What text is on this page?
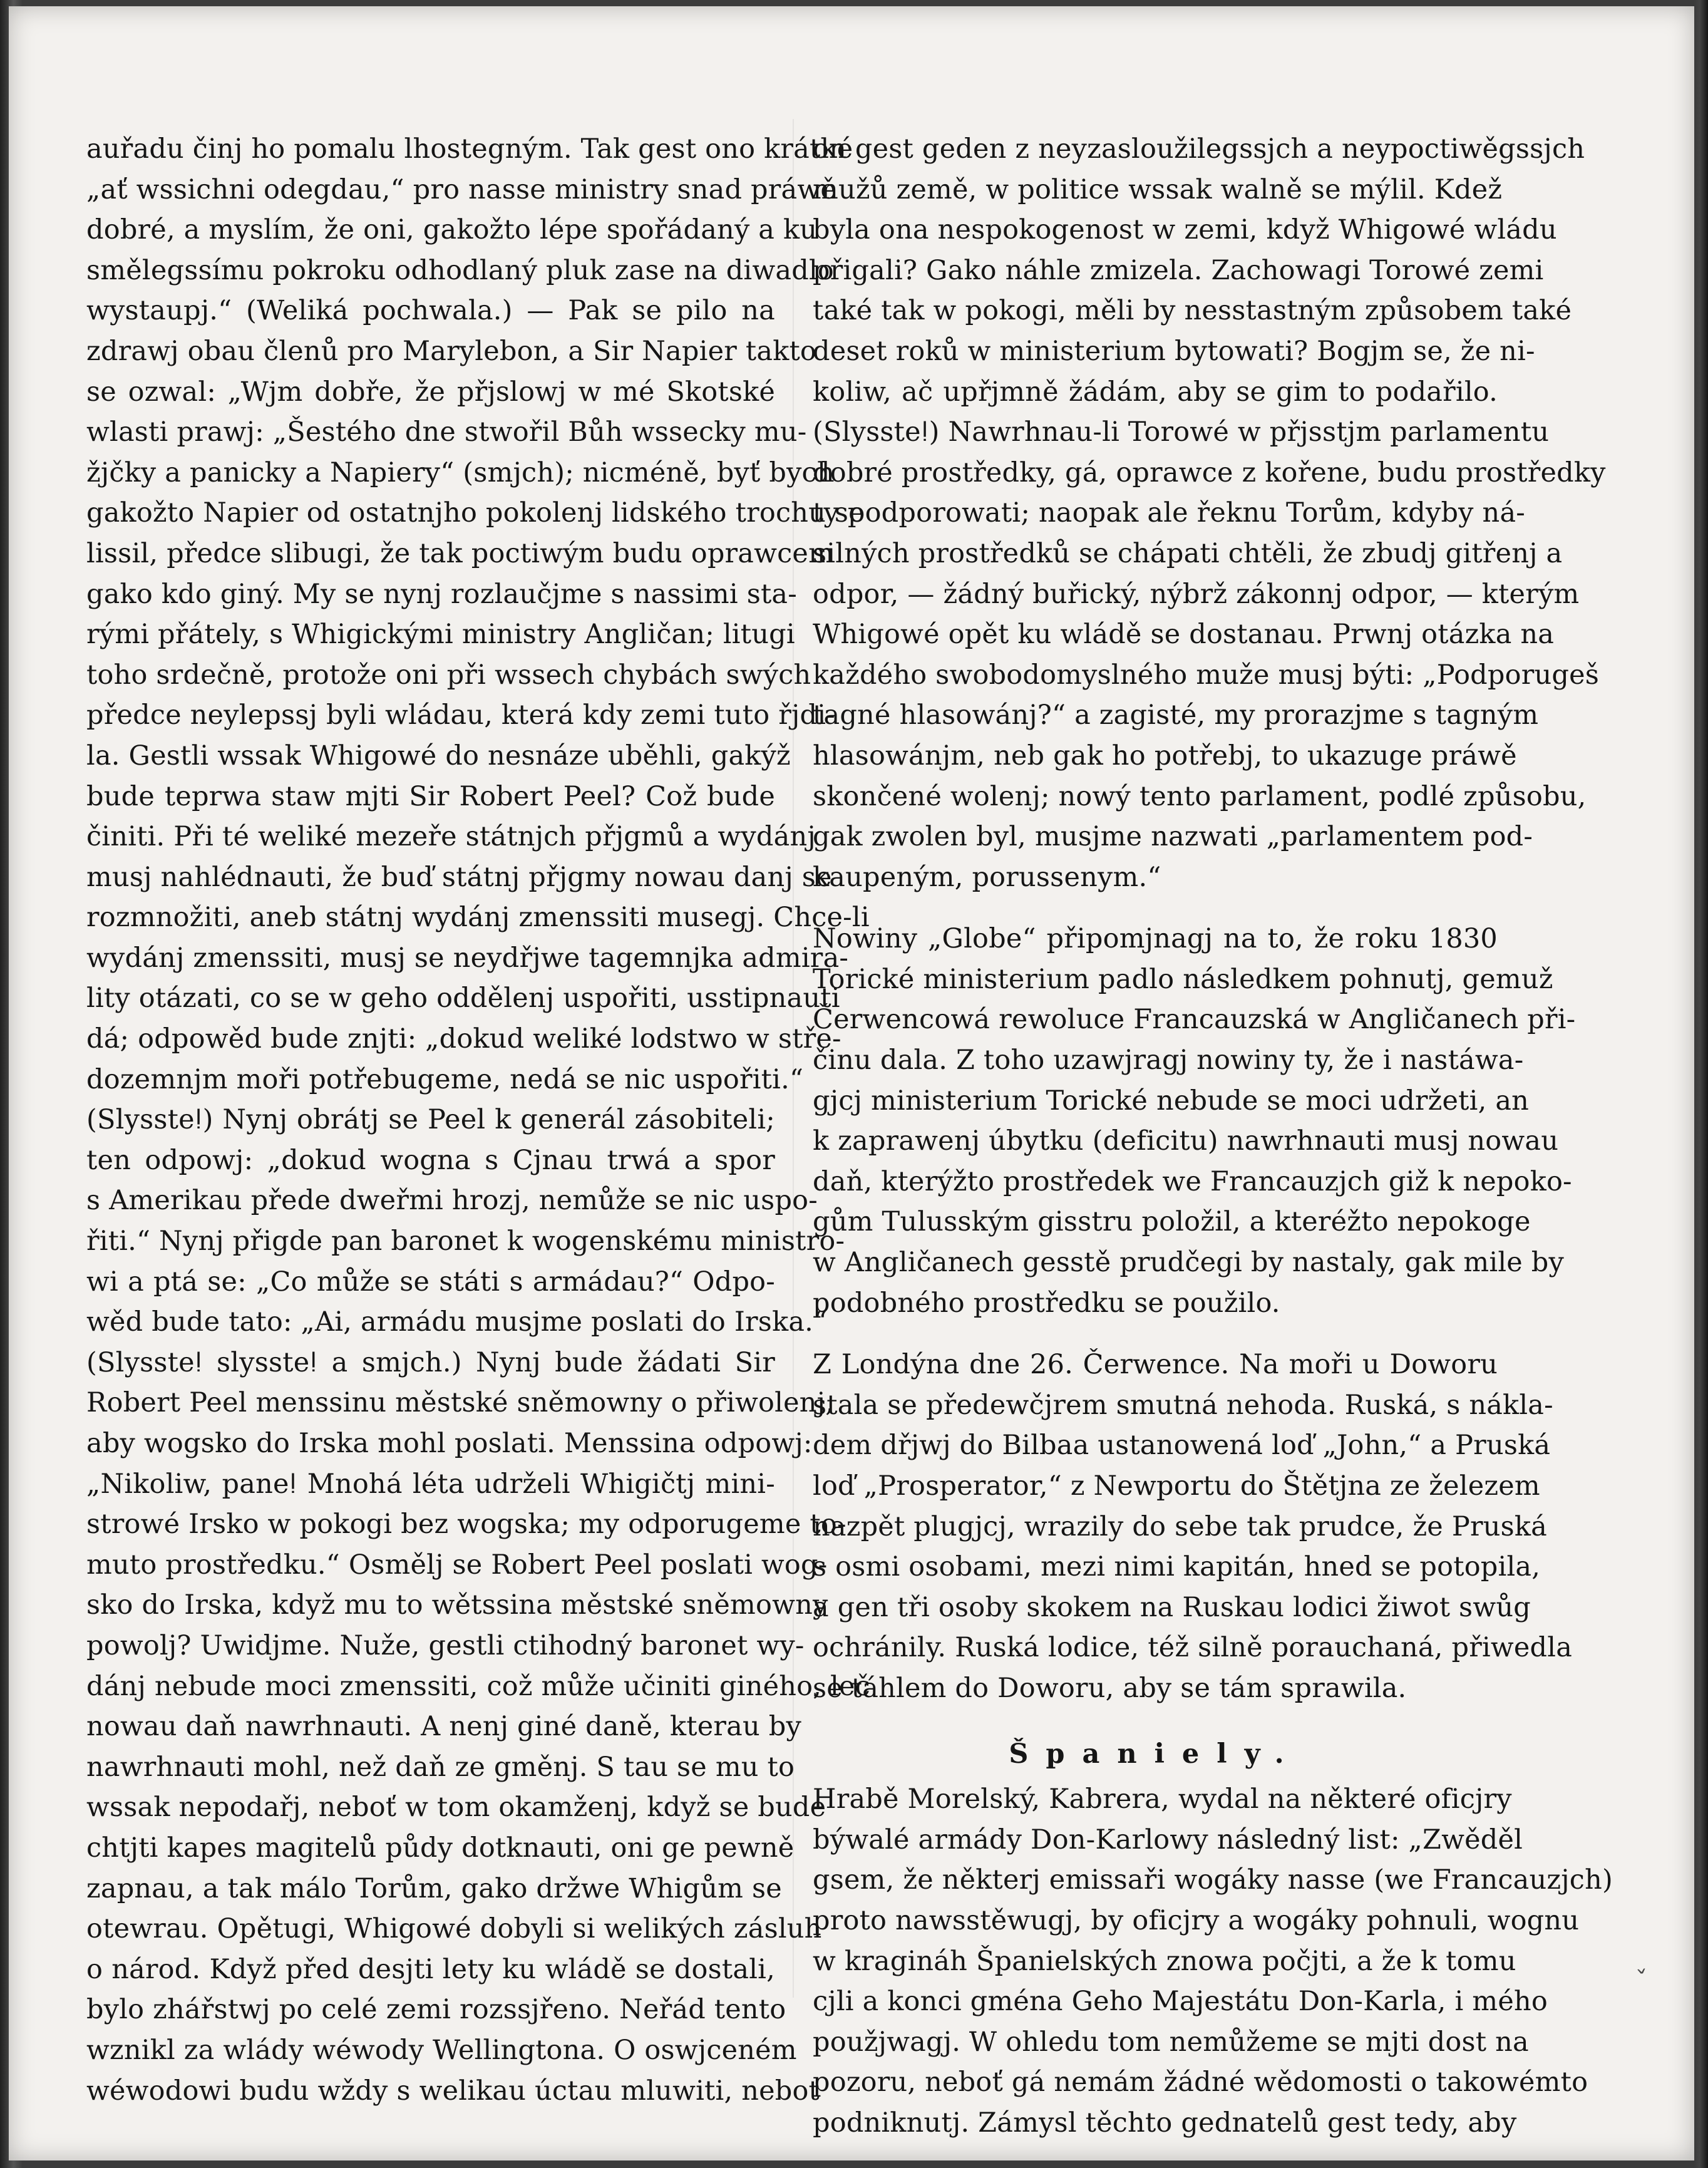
auřadu činj ho pomalu lhostegným. Tak gest ono krátké
„ať wssichni odegdau,“ pro nasse ministry snad práwě
dobré, a myslím, že oni, gakožto lépe spořádaný a ku
smělegssímu pokroku odhodlaný pluk zase na diwadlo
wystaupj.“ (Weliká pochwala.) — Pak se pilo na
zdrawj obau členů pro Marylebon, a Sir Napier takto
se ozwal: „Wjm dobře, že přjslowj w mé Skotské
wlasti prawj: „Šestého dne stwořil Bůh wssecky mu-
žjčky a panicky a Napiery“ (smjch); nicméně, byť bych
gakožto Napier od ostatnjho pokolenj lidského trochu se
lissil, předce slibugi, že tak poctiwým budu oprawcem
gako kdo giný. My se nynj rozlaučjme s nassimi sta-
rými přátely, s Whigickými ministry Angličan; litugi
toho srdečně, protože oni při wssech chybách swých
předce neylepssj byli wládau, která kdy zemi tuto řjdi-
la. Gestli wssak Whigowé do nesnáze uběhli, gakýž
bude teprwa staw mjti Sir Robert Peel? Což bude
činiti. Při té weliké mezeře státnjch přjgmů a wydánj
musj nahlédnauti, že buď státnj přjgmy nowau danj se
rozmnožiti, aneb státnj wydánj zmenssiti musegj. Chce-li
wydánj zmenssiti, musj se neydřjwe tagemnjka admira-
lity otázati, co se w geho oddělenj uspořiti, usstipnauti
dá; odpowěd bude znjti: „dokud weliké lodstwo w stře-
dozemnjm moři potřebugeme, nedá se nic uspořiti.“
(Slyssteǃ) Nynj obrátj se Peel k generál zásobiteli;
ten odpowj: „dokud wogna s Cjnau trwá a spor
s Amerikau přede dweřmi hrozj, nemůže se nic uspo-
řiti.“ Nynj přigde pan baronet k wogenskému ministro-
wi a ptá se: „Co může se státi s armádau?“ Odpo-
wěd bude tato: „Ai, armádu musjme poslati do Irska.“
(Slyssteǃ slyssteǃ a smjch.) Nynj bude žádati Sir
Robert Peel menssinu městské sněmowny o přiwolenj,
aby wogsko do Irska mohl poslati. Menssina odpowj:
„Nikoliw, paneǃ Mnohá léta udrželi Whigičtj mini-
strowé Irsko w pokogi bez wogska; my odporugeme to-
muto prostředku.“ Osmělj se Robert Peel poslati wog-
sko do Irska, když mu to wětssina městské sněmowny
powolj? Uwidjme. Nuže, gestli ctihodný baronet wy-
dánj nebude moci zmenssiti, což může učiniti giného, leč
nowau daň nawrhnauti. A nenj giné daně, kterau by
nawrhnauti mohl, než daň ze gměnj. S tau se mu to
wssak nepodařj, neboť w tom okamženj, když se bude
chtjti kapes magitelů půdy dotknauti, oni ge pewně
zapnau, a tak málo Torům, gako držwe Whigům se
otewrau. Opětugi, Whigowé dobyli si welikých zásluh
o národ. Když před desjti lety ku wládě se dostali,
bylo zhářstwj po celé zemi rozssjřeno. Neřád tento
wznikl za wlády wéwody Wellingtona. O oswjceném
wéwodowi budu wždy s welikau úctau mluwiti, neboť
on gest geden z neyzasloužilegssjch a neypoctiwěgssjch
mužů země, w politice wssak walně se mýlil. Kdež
byla ona nespokogenost w zemi, když Whigowé wládu
přigali? Gako náhle zmizela. Zachowagi Torowé zemi
také tak w pokogi, měli by nesstastným způsobem také
deset roků w ministerium bytowati? Bogjm se, že ni-
koliw, ač upřjmně žádám, aby se gim to podařilo.
(Slyssteǃ) Nawrhnau-li Torowé w přjsstjm parlamentu
dobré prostředky, gá, oprawce z kořene, budu prostředky
ty podporowati; naopak ale řeknu Torům, kdyby ná-
silných prostředků se chápati chtěli, že zbudj gitřenj a
odpor, — žádný buřický, nýbrž zákonnj odpor, — kterým
Whigowé opět ku wládě se dostanau. Prwnj otázka na
každého swobodomyslného muže musj býti: „Podporugeš
tagné hlasowánj?“ a zagisté, my prorazjme s tagným
hlasowánjm, neb gak ho potřebj, to ukazuge práwě
skončené wolenj; nowý tento parlament, podlé způsobu,
gak zwolen byl, musjme nazwati „parlamentem pod-
kaupeným, porussenym.“
Nowiny „Globe“ připomjnagj na to, že roku 1830
Torické ministerium padlo následkem pohnutj, gemuž
Čerwencowá rewoluce Francauzská w Angličanech při-
činu dala. Z toho uzawjragj nowiny ty, že i nastáwa-
gjcj ministerium Torické nebude se moci udržeti, an
k zaprawenj úbytku (deficitu) nawrhnauti musj nowau
daň, kterýžto prostředek we Francauzjch giž k nepoko-
gům Tulusským gisstru položil, a kteréžto nepokoge
w Angličanech gesstě prudčegi by nastaly, gak mile by
podobného prostředku se použilo.
Z Londýna dne 26. Čerwence. Na moři u Doworu
stala se předewčjrem smutná nehoda. Ruská, s nákla-
dem dřjwj do Bilbaa ustanowená loď „John,“ a Pruská
loď „Prosperator,“ z Newportu do Štětjna ze železem
nazpět plugjcj, wrazily do sebe tak prudce, že Pruská
s osmi osobami, mezi nimi kapitán, hned se potopila,
a gen tři osoby skokem na Ruskau lodici žiwot swůg
ochránily. Ruská lodice, též silně porauchaná, přiwedla
se táhlem do Doworu, aby se tám sprawila.
Španiely.
Hrabě Morelský, Kabrera, wydal na některé oficjry
býwalé armády Don-Karlowy následný list: „Zwěděl
gsem, že některj emissaři wogáky nasse (we Francauzjch)
proto nawsstěwugj, by oficjry a wogáky pohnuli, wognu
w kragináh Španielských znowa počjti, a že k tomu
cjli a konci gména Geho Majestátu Don-Karla, i mého
použjwagj. W ohledu tom nemůžeme se mjti dost na
pozoru, neboť gá nemám žádné wědomosti o takowémto
podniknutj. Zámysl těchto gednatelů gest tedy, aby
ˇ
